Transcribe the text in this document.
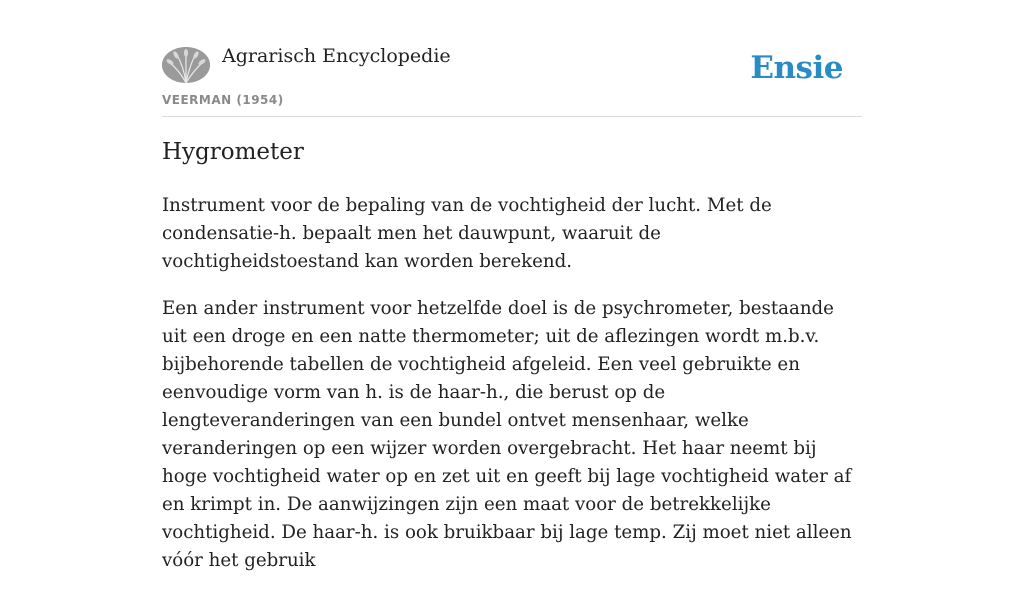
Agrarisch Encyclopedie
VEERMAN (1954)
Ensie
Hygrometer

Instrument voor de bepaling van de vochtigheid der lucht. Met de condensatie-h. bepaalt men het dauwpunt, waaruit de vochtigheidstoestand kan worden berekend.

Een ander instrument voor hetzelfde doel is de psychrometer, bestaande uit een droge en een natte thermometer; uit de aflezingen wordt m.b.v. bijbehorende tabellen de vochtigheid afgeleid. Een veel gebruikte en eenvoudige vorm van h. is de haar-h., die berust op de lengteveranderingen van een bundel ontvet mensenhaar, welke veranderingen op een wijzer worden overgebracht. Het haar neemt bij hoge vochtigheid water op en zet uit en geeft bij lage vochtigheid water af en krimpt in. De aanwijzingen zijn een maat voor de betrekkelijke vochtigheid. De haar-h. is ook bruikbaar bij lage temp. Zij moet niet alleen vóór het gebruik
